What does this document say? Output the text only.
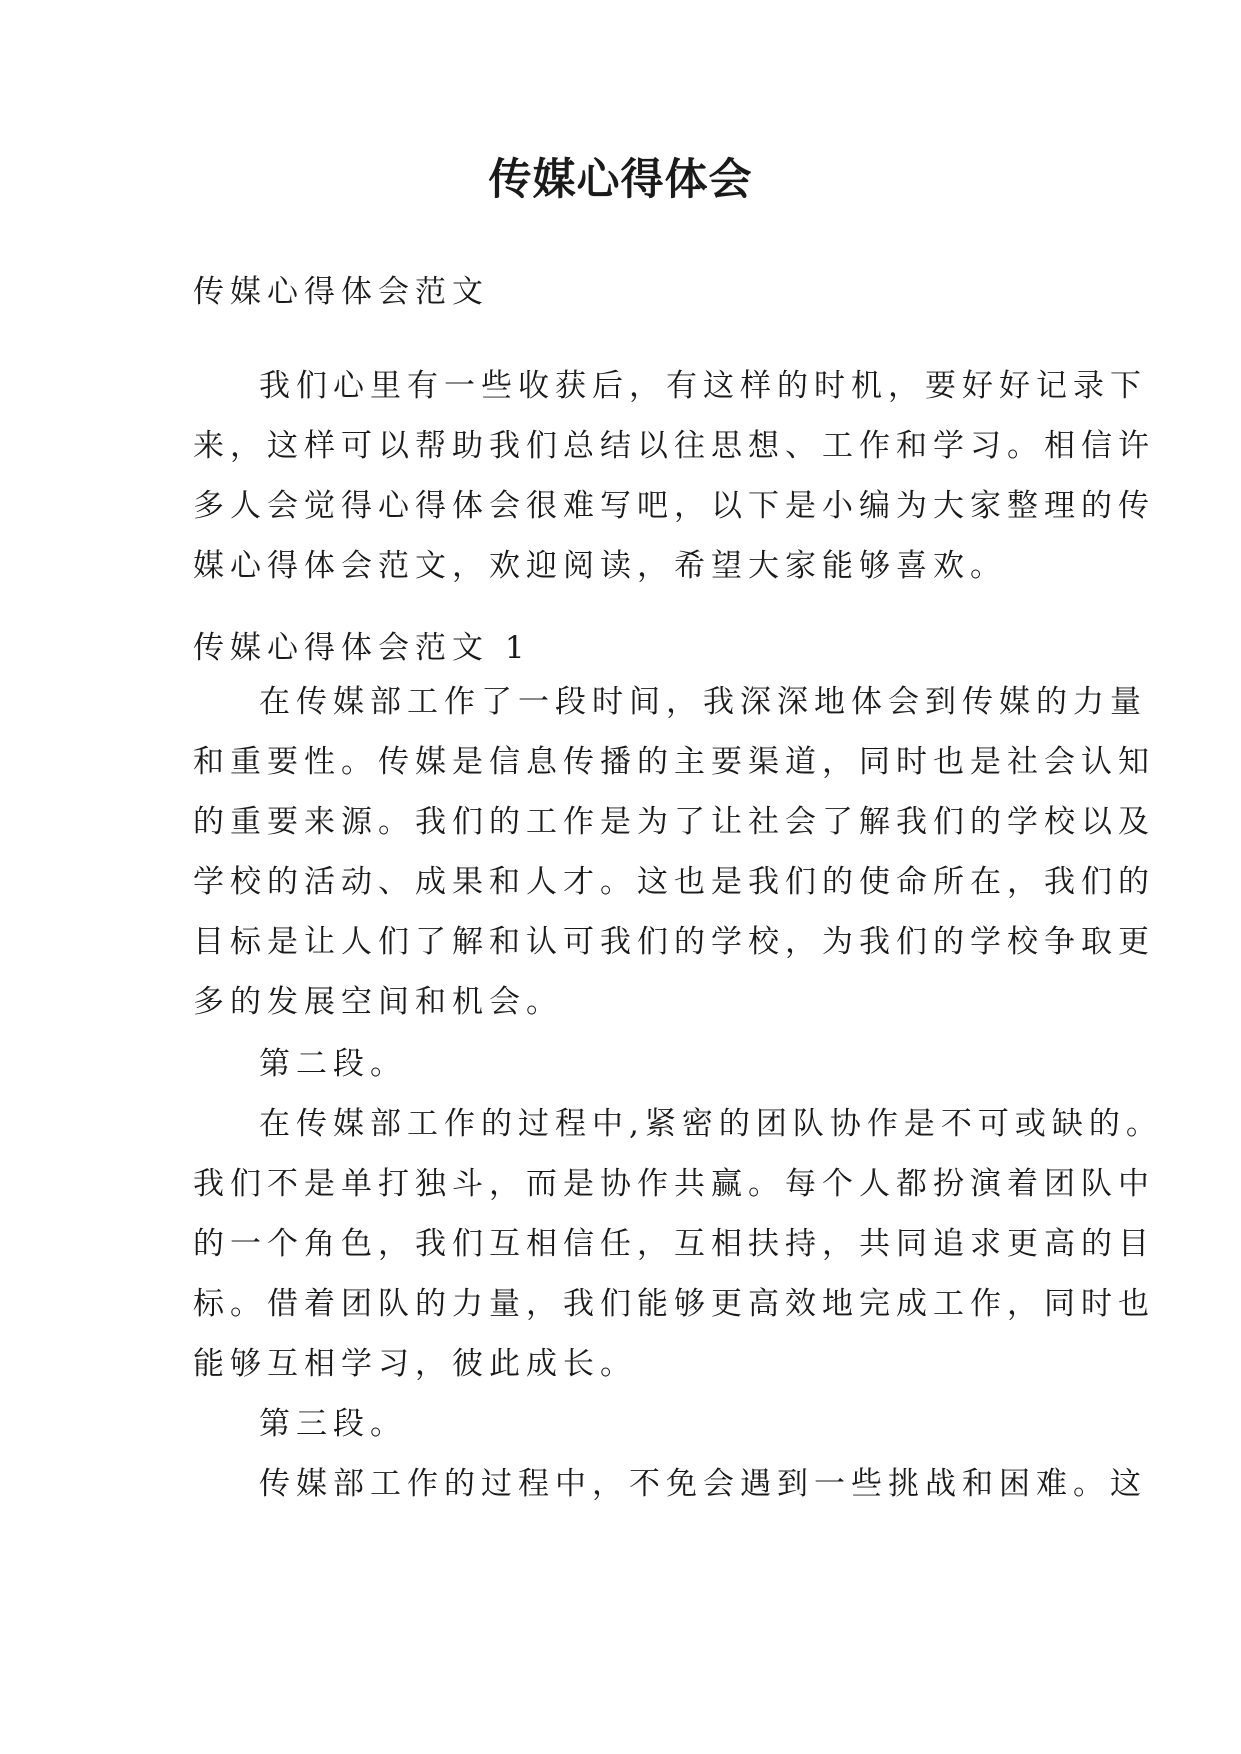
传媒心得体会

传媒心得体会范文

我们心里有一些收获后，有这样的时机，要好好记录下
来，这样可以帮助我们总结以往思想、工作和学习。相信许
多人会觉得心得体会很难写吧，以下是小编为大家整理的传
媒心得体会范文，欢迎阅读，希望大家能够喜欢。

传媒心得体会范文 1

在传媒部工作了一段时间，我深深地体会到传媒的力量
和重要性。传媒是信息传播的主要渠道，同时也是社会认知
的重要来源。我们的工作是为了让社会了解我们的学校以及
学校的活动、成果和人才。这也是我们的使命所在，我们的
目标是让人们了解和认可我们的学校，为我们的学校争取更
多的发展空间和机会。

第二段。

在传媒部工作的过程中,紧密的团队协作是不可或缺的。
我们不是单打独斗，而是协作共赢。每个人都扮演着团队中
的一个角色，我们互相信任，互相扶持，共同追求更高的目
标。借着团队的力量，我们能够更高效地完成工作，同时也
能够互相学习，彼此成长。

第三段。

传媒部工作的过程中，不免会遇到一些挑战和困难。这
